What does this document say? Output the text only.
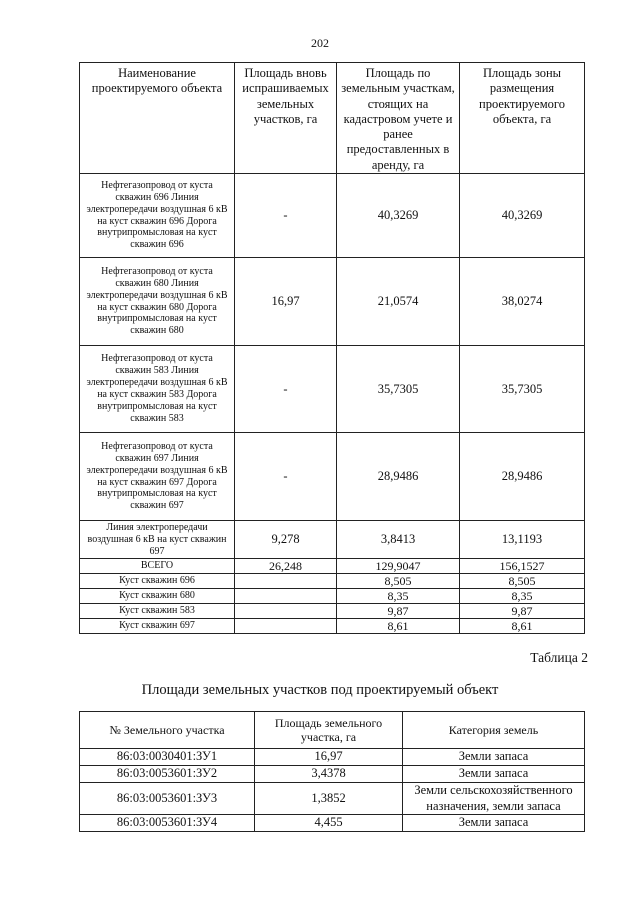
202
Наименование проектируемого объекта	Площадь вновь испрашиваемых земельных участков, га	Площадь по земельным участкам, стоящих на кадастровом учете и ранее предоставленных в аренду, га	Площадь зоны размещения проектируемого объекта, га
Нефтегазопровод от куста скважин 696 Линия электропередачи воздушная 6 кВ на куст скважин 696 Дорога внутрипромысловая на куст скважин 696	-	40,3269	40,3269
Нефтегазопровод от куста скважин 680 Линия электропередачи воздушная 6 кВ на куст скважин 680 Дорога внутрипромысловая на куст скважин 680	16,97	21,0574	38,0274
Нефтегазопровод от куста скважин 583 Линия электропередачи воздушная 6 кВ на куст скважин 583 Дорога внутрипромысловая на куст скважин 583	-	35,7305	35,7305
Нефтегазопровод от куста скважин 697 Линия электропередачи воздушная 6 кВ на куст скважин 697 Дорога внутрипромысловая на куст скважин 697	-	28,9486	28,9486
Линия электропередачи воздушная 6 кВ на куст скважин 697	9,278	3,8413	13,1193
ВСЕГО	26,248	129,9047	156,1527
Куст скважин 696		8,505	8,505
Куст скважин 680		8,35	8,35
Куст скважин 583		9,87	9,87
Куст скважин 697		8,61	8,61
Таблица 2
Площади земельных участков под проектируемый объект
№ Земельного участка	Площадь земельного участка, га	Категория земель
86:03:0030401:ЗУ1	16,97	Земли запаса
86:03:0053601:ЗУ2	3,4378	Земли запаса
86:03:0053601:ЗУ3	1,3852	Земли сельскохозяйственного назначения, земли запаса
86:03:0053601:ЗУ4	4,455	Земли запаса
